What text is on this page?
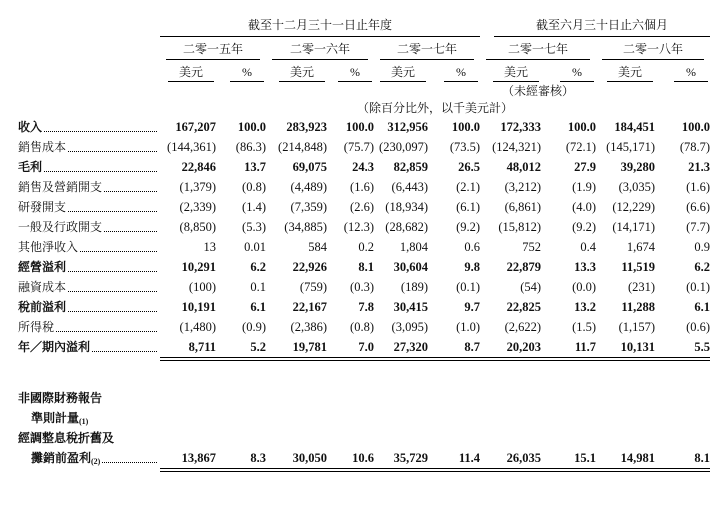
	截至十二月三十一日止年度						截至六月三十日止六個月			

	二零一五年		二零一六年		二零一七年		二零一七年		二零一八年	

	美元	%	美元	%	美元	%	美元	%	美元	%

							（未經審核）			
	（除百分比外，以千美元計）									

收入	167,207	100.0	283,923	100.0	312,956	100.0	172,333	100.0	184,451	100.0

銷售成本	(144,361)	(86.3)	(214,848)	(75.7)	(230,097)	(73.5)	(124,321)	(72.1)	(145,171)	(78.7)

毛利	22,846	13.7	69,075	24.3	82,859	26.5	48,012	27.9	39,280	21.3

銷售及營銷開支	(1,379)	(0.8)	(4,489)	(1.6)	(6,443)	(2.1)	(3,212)	(1.9)	(3,035)	(1.6)

研發開支	(2,339)	(1.4)	(7,359)	(2.6)	(18,934)	(6.1)	(6,861)	(4.0)	(12,229)	(6.6)

一般及行政開支	(8,850)	(5.3)	(34,885)	(12.3)	(28,682)	(9.2)	(15,812)	(9.2)	(14,171)	(7.7)

其他淨收入	13	0.01	584	0.2	1,804	0.6	752	0.4	1,674	0.9

經營溢利	10,291	6.2	22,926	8.1	30,604	9.8	22,879	13.3	11,519	6.2

融資成本	(100)	0.1	(759)	(0.3)	(189)	(0.1)	(54)	(0.0)	(231)	(0.1)

稅前溢利	10,191	6.1	22,167	7.8	30,415	9.7	22,825	13.2	11,288	6.1

所得稅	(1,480)	(0.9)	(2,386)	(0.8)	(3,095)	(1.0)	(2,622)	(1.5)	(1,157)	(0.6)

年／期內溢利	8,711	5.2	19,781	7.0	27,320	8.7	20,203	11.7	10,131	5.5

非國際財務報告										

準則計量$_{(1)}$

經調整息稅折舊及										

攤銷前盈利$_{(2)}$	13,867	8.3	30,050	10.6	35,729	11.4	26,035	15.1	14,981	8.1
